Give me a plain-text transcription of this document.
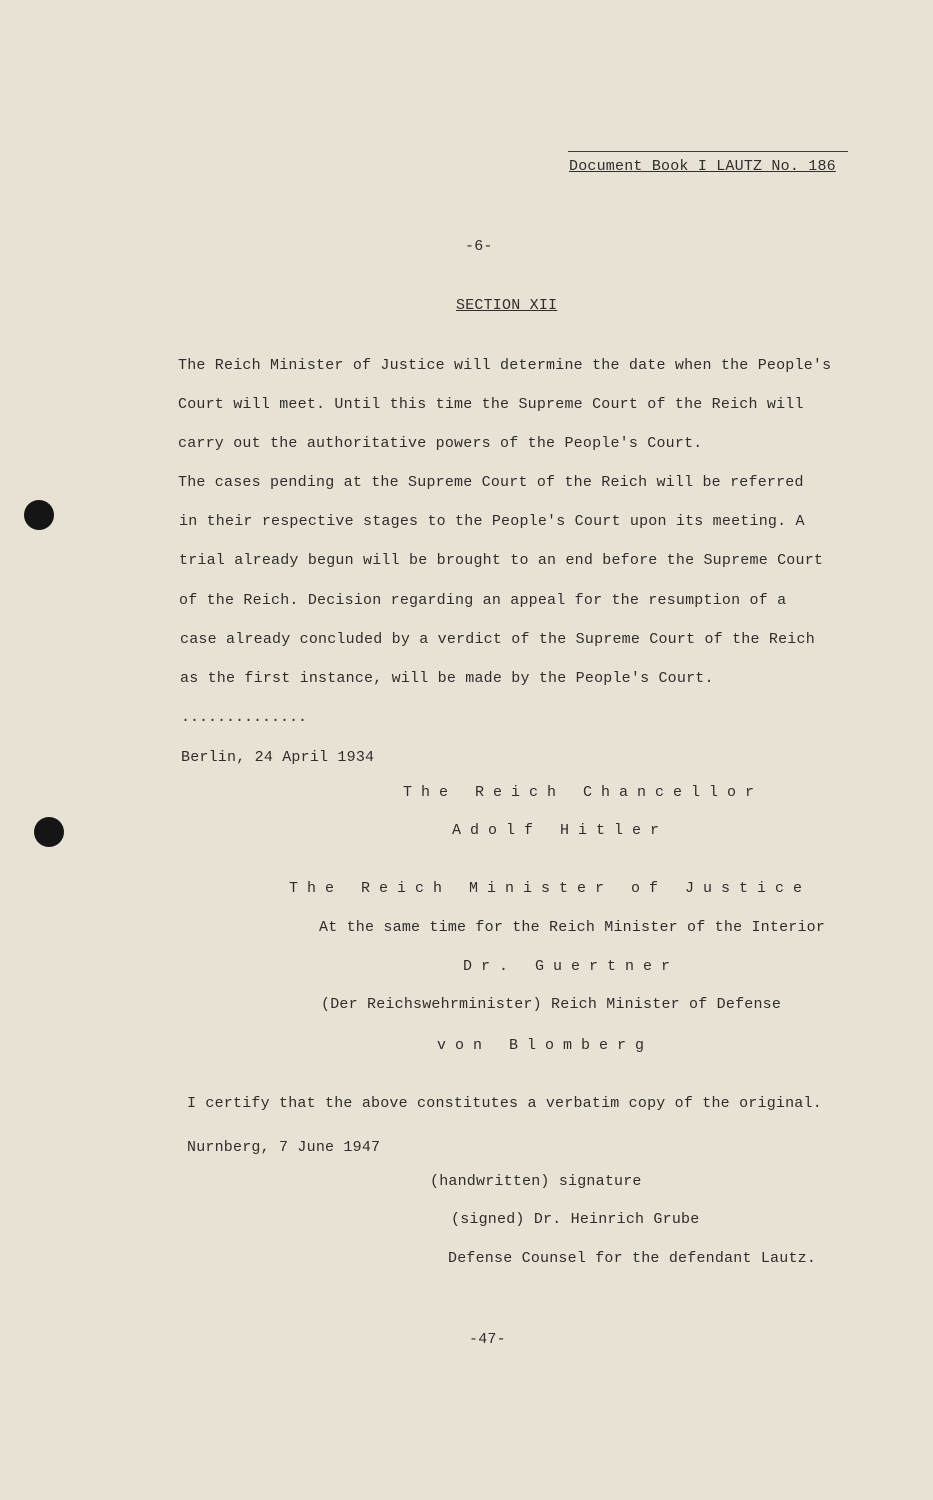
Document Book I LAUTZ No. 186
-6-
SECTION XII
The Reich Minister of Justice will determine the date when the People's
Court will meet. Until this time the Supreme Court of the Reich will
carry out the authoritative powers of the People's Court.
The cases pending at the Supreme Court of the Reich will be referred
in their respective stages to the People's Court upon its meeting. A
trial already begun will be brought to an end before the Supreme Court
of the Reich. Decision regarding an appeal for the resumption of a
case already concluded by a verdict of the Supreme Court of the Reich
as the first instance, will be made by the People's Court.
..............
Berlin, 24 April 1934
The Reich Chancellor
Adolf Hitler
The Reich Minister of Justice
At the same time for the Reich Minister of the Interior
Dr. Guertner
(Der Reichswehrminister) Reich Minister of Defense
von Blomberg
I certify that the above constitutes a verbatim copy of the original.
Nurnberg, 7 June 1947
(handwritten) signature
(signed) Dr. Heinrich Grube
Defense Counsel for the defendant Lautz.
-47-
